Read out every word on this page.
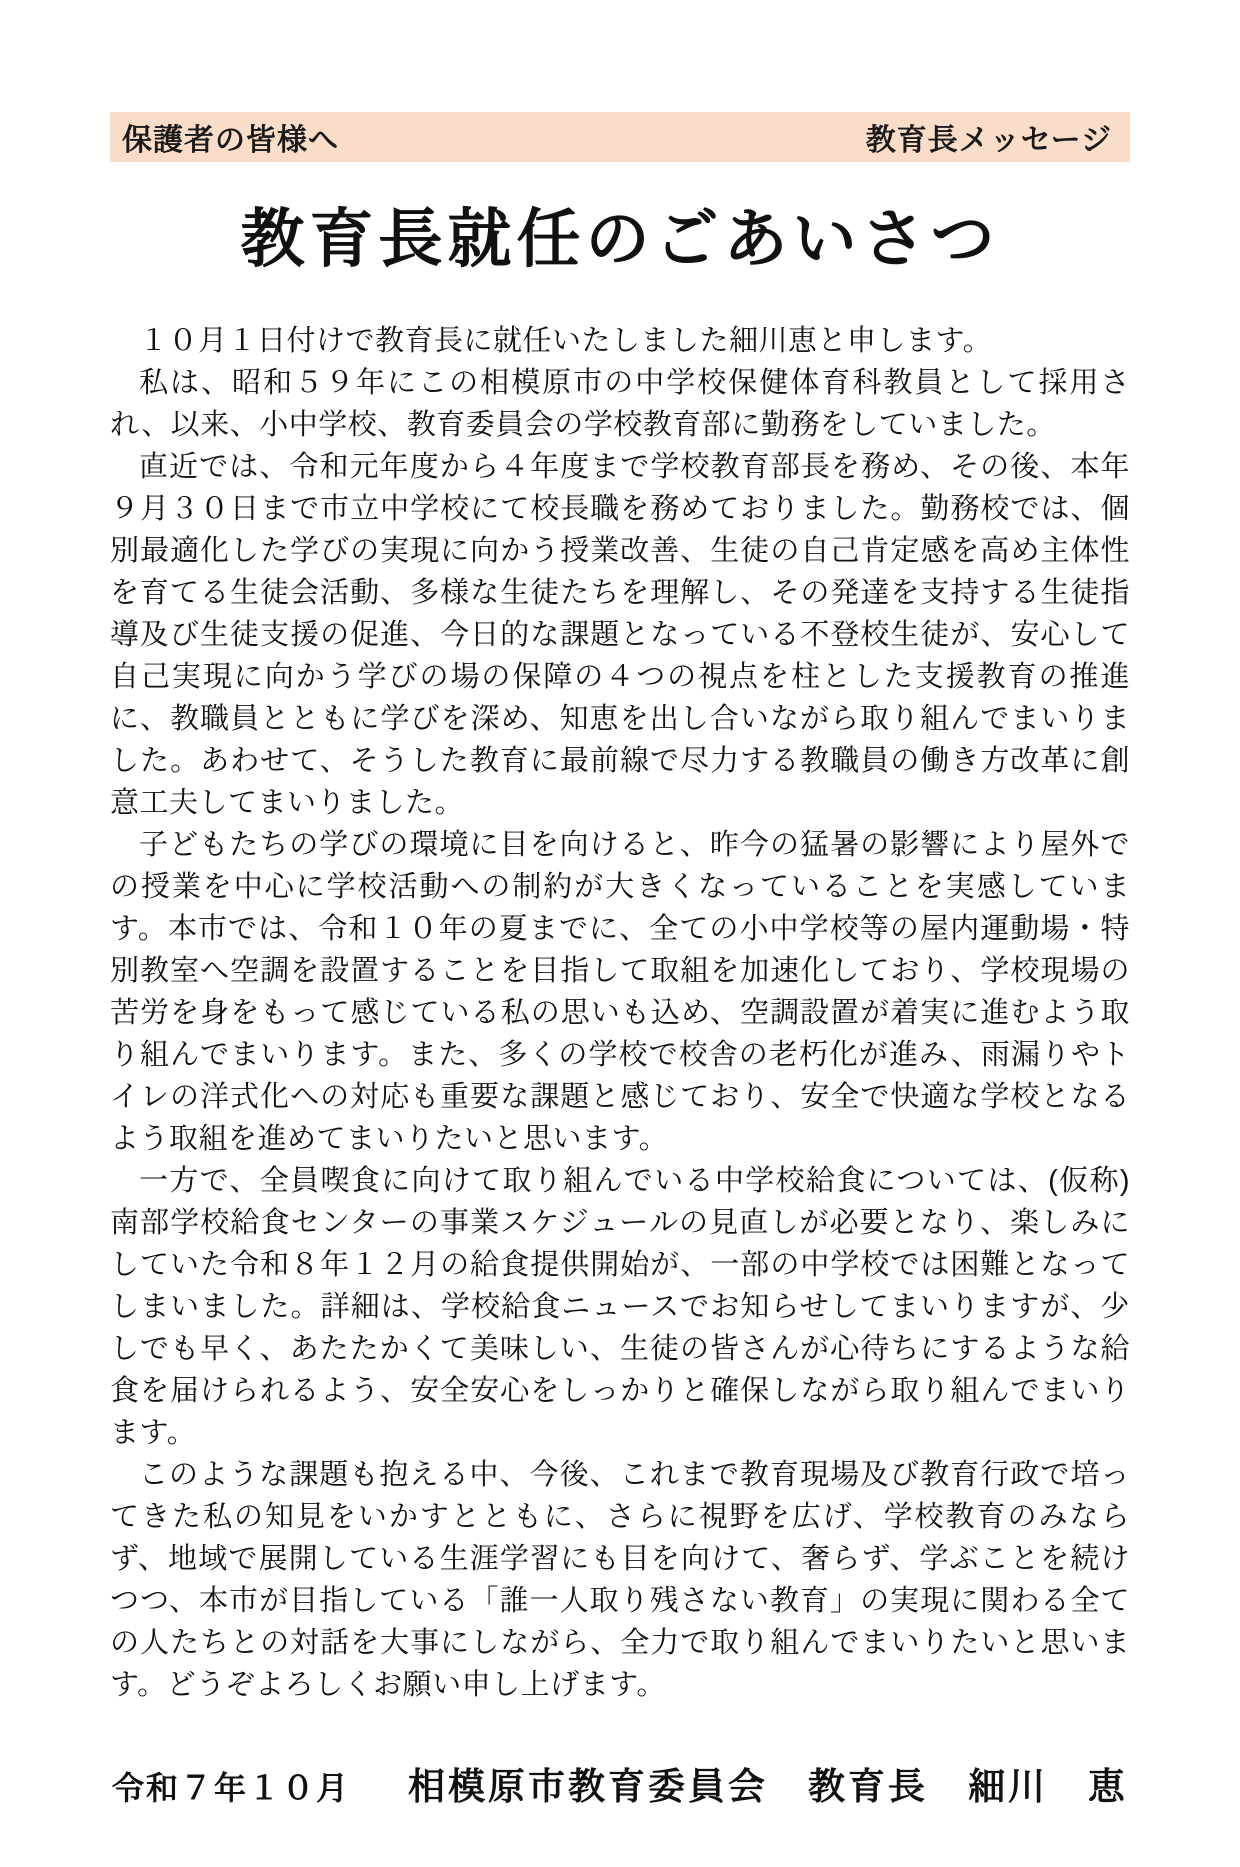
保護者の皆様へ	教育長メッセージ
教育長就任のごあいさつ

１０月１日付けで教育長に就任いたしました細川恵と申します。

私は、昭和５９年にこの相模原市の中学校保健体育科教員として採用され、以来、小中学校、教育委員会の学校教育部に勤務をしていました。

直近では、令和元年度から４年度まで学校教育部長を務め、その後、本年９月３０日まで市立中学校にて校長職を務めておりました。勤務校では、個別最適化した学びの実現に向かう授業改善、生徒の自己肯定感を高め主体性を育てる生徒会活動、多様な生徒たちを理解し、その発達を支持する生徒指導及び生徒支援の促進、今日的な課題となっている不登校生徒が、安心して自己実現に向かう学びの場の保障の４つの視点を柱とした支援教育の推進に、教職員とともに学びを深め、知恵を出し合いながら取り組んでまいりました。あわせて、そうした教育に最前線で尽力する教職員の働き方改革に創意工夫してまいりました。

子どもたちの学びの環境に目を向けると、昨今の猛暑の影響により屋外での授業を中心に学校活動への制約が大きくなっていることを実感しています。本市では、令和１０年の夏までに、全ての小中学校等の屋内運動場・特別教室へ空調を設置することを目指して取組を加速化しており、学校現場の苦労を身をもって感じている私の思いも込め、空調設置が着実に進むよう取り組んでまいります。また、多くの学校で校舎の老朽化が進み、雨漏りやトイレの洋式化への対応も重要な課題と感じており、安全で快適な学校となるよう取組を進めてまいりたいと思います。

一方で、全員喫食に向けて取り組んでいる中学校給食については、(仮称)南部学校給食センターの事業スケジュールの見直しが必要となり、楽しみにしていた令和８年１２月の給食提供開始が、一部の中学校では困難となってしまいました。詳細は、学校給食ニュースでお知らせしてまいりますが、少しでも早く、あたたかくて美味しい、生徒の皆さんが心待ちにするような給食を届けられるよう、安全安心をしっかりと確保しながら取り組んでまいります。

このような課題も抱える中、今後、これまで教育現場及び教育行政で培ってきた私の知見をいかすとともに、さらに視野を広げ、学校教育のみならず、地域で展開している生涯学習にも目を向けて、奢らず、学ぶことを続けつつ、本市が目指している「誰一人取り残さない教育」の実現に関わる全ての人たちとの対話を大事にしながら、全力で取り組んでまいりたいと思います。どうぞよろしくお願い申し上げます。

令和７年１０月 相模原市教育委員会　教育長　細川　恵
